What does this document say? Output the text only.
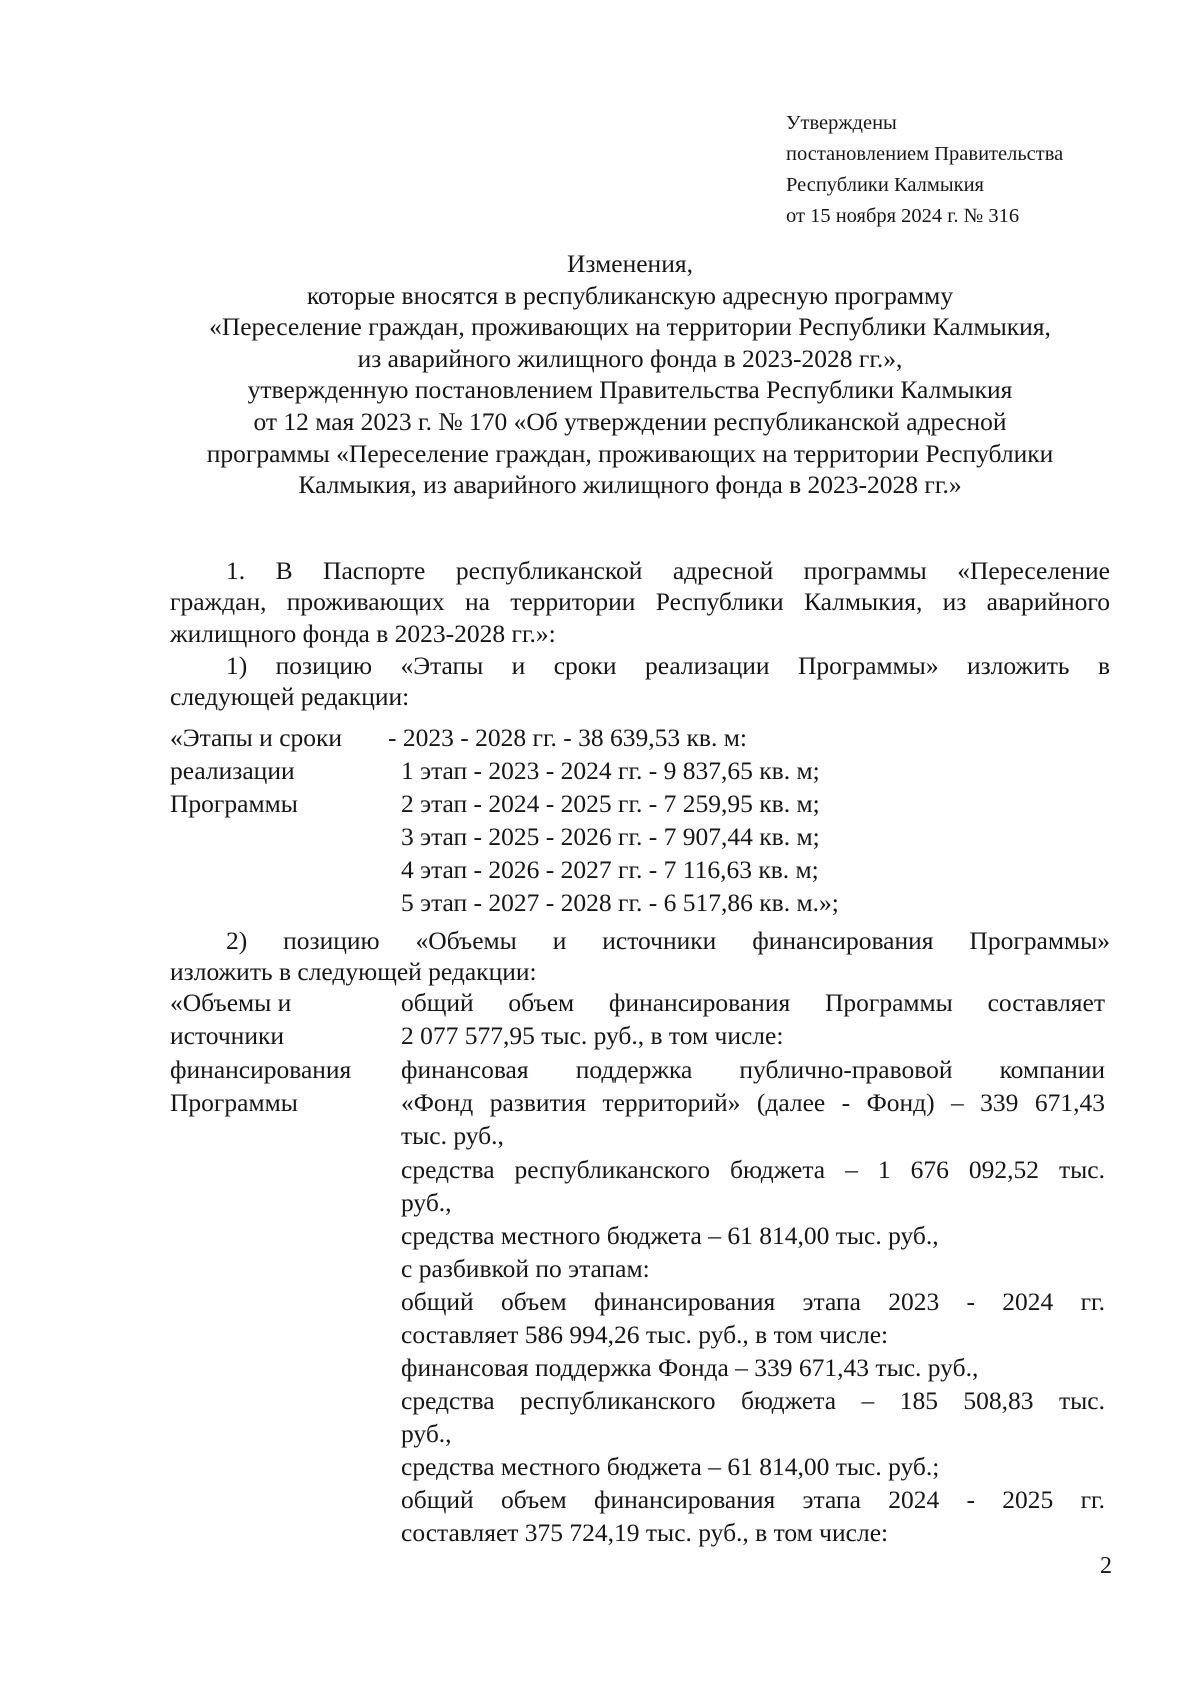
Утверждены
постановлением Правительства
Республики Калмыкия
от 15 ноября 2024 г. № 316
Изменения,
которые вносятся в республиканскую адресную программу
«Переселение граждан, проживающих на территории Республики Калмыкия,
из аварийного жилищного фонда в 2023-2028 гг.»,
утвержденную постановлением Правительства Республики Калмыкия
от 12 мая 2023 г. № 170 «Об утверждении республиканской адресной
программы «Переселение граждан, проживающих на территории Республики
Калмыкия, из аварийного жилищного фонда в 2023-2028 гг.»
1. В Паспорте республиканской адресной программы «Переселение
граждан, проживающих на территории Республики Калмыкия, из аварийного
жилищного фонда в 2023-2028 гг.»:
1) позицию «Этапы и сроки реализации Программы» изложить в
следующей редакции:
«Этапы и сроки
реализации
Программы
- 2023 - 2028 гг. - 38 639,53 кв. м:
1 этап - 2023 - 2024 гг. - 9 837,65 кв. м;
2 этап - 2024 - 2025 гг. - 7 259,95 кв. м;
3 этап - 2025 - 2026 гг. - 7 907,44 кв. м;
4 этап - 2026 - 2027 гг. - 7 116,63 кв. м;
5 этап - 2027 - 2028 гг. - 6 517,86 кв. м.»;
2) позицию «Объемы и источники финансирования Программы»
изложить в следующей редакции:
«Объемы и
источники
финансирования
Программы
общий объем финансирования Программы составляет
2 077 577,95 тыс. руб., в том числе:
финансовая поддержка публично-правовой компании
«Фонд развития территорий» (далее - Фонд) – 339 671,43
тыс. руб.,
средства республиканского бюджета – 1 676 092,52 тыс.
руб.,
средства местного бюджета – 61 814,00 тыс. руб.,
с разбивкой по этапам:
общий объем финансирования этапа 2023 - 2024 гг.
составляет 586 994,26 тыс. руб., в том числе:
финансовая поддержка Фонда – 339 671,43 тыс. руб.,
средства республиканского бюджета – 185 508,83 тыс.
руб.,
средства местного бюджета – 61 814,00 тыс. руб.;
общий объем финансирования этапа 2024 - 2025 гг.
составляет 375 724,19 тыс. руб., в том числе:
2
